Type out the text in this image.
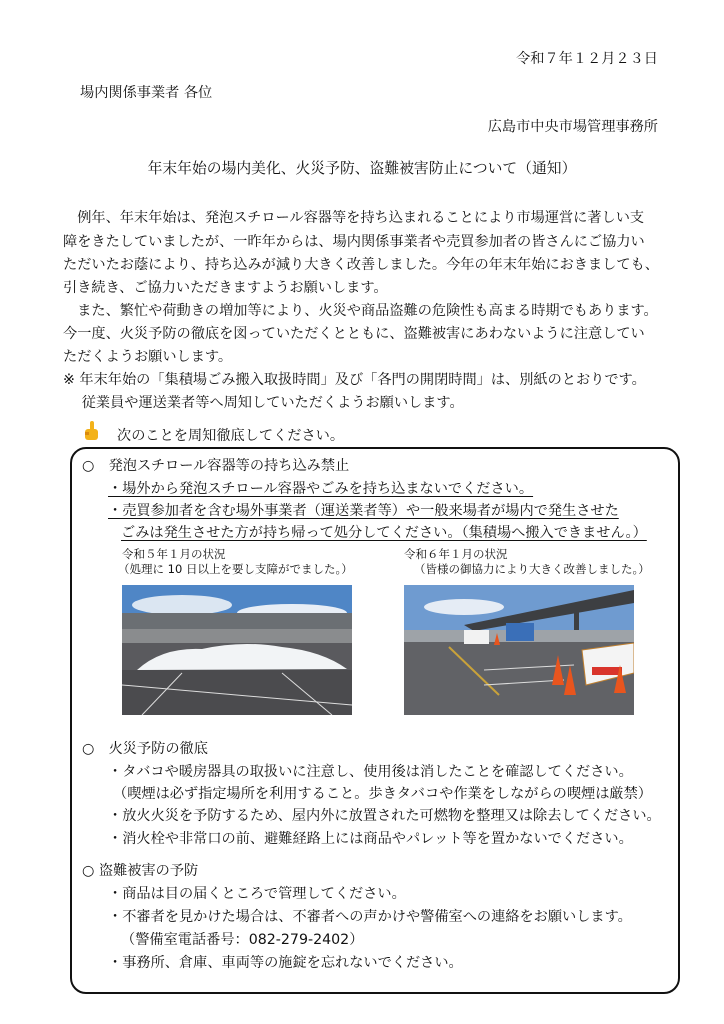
令和７年１２月２３日
場内関係事業者 各位
広島市中央市場管理事務所
年末年始の場内美化、火災予防、盗難被害防止について（通知）
　例年、年末年始は、発泡スチロール容器等を持ち込まれることにより市場運営に著しい支
障をきたしていましたが、一昨年からは、場内関係事業者や売買参加者の皆さんにご協力い
ただいたお蔭により、持ち込みが減り大きく改善しました。今年の年末年始におきましても、
引き続き、ご協力いただきますようお願いします。
　また、繁忙や荷動きの増加等により、火災や商品盗難の危険性も高まる時期でもあります。
今一度、火災予防の徹底を図っていただくとともに、盗難被害にあわないように注意してい
ただくようお願いします。
※ 年末年始の「集積場ごみ搬入取扱時間」及び「各門の開閉時間」は、別紙のとおりです。
　 従業員や運送業者等へ周知していただくようお願いします。
次のことを周知徹底してください。
○　発泡スチロール容器等の持ち込み禁止
・場外から発泡スチロール容器やごみを持ち込まないでください。
・売買参加者を含む場外事業者（運送業者等）や一般来場者が場内で発生させた
ごみは発生させた方が持ち帰って処分してください。（集積場へ搬入できません。）
令和５年１月の状況
（処理に 10 日以上を要し支障がでました。）
令和６年１月の状況
（皆様の御協力により大きく改善しました。）
○　火災予防の徹底
・タバコや暖房器具の取扱いに注意し、使用後は消したことを確認してください。
（喫煙は必ず指定場所を利用すること。歩きタバコや作業をしながらの喫煙は厳禁）
・放火火災を予防するため、屋内外に放置された可燃物を整理又は除去してください。
・消火栓や非常口の前、避難経路上には商品やパレット等を置かないでください。
○ 盗難被害の予防
・商品は目の届くところで管理してください。
・不審者を見かけた場合は、不審者への声かけや警備室への連絡をお願いします。
（警備室電話番号：082-279-2402）
・事務所、倉庫、車両等の施錠を忘れないでください。
